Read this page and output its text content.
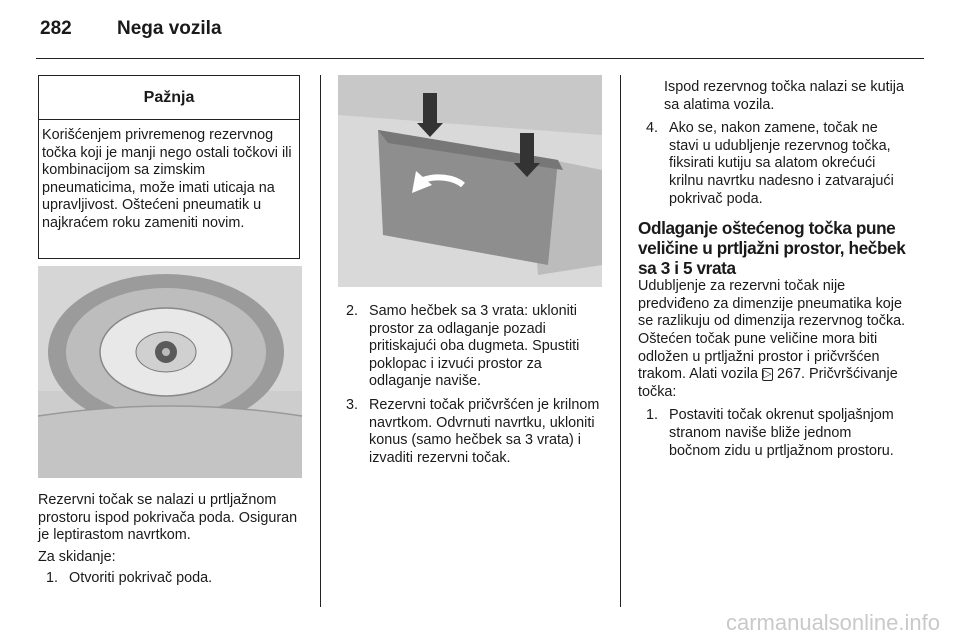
282 Nega vozila
Pažnja
Korišćenjem privremenog rezervnog točka koji je manji nego ostali točkovi ili kombinacijom sa zimskim pneumaticima, može imati uticaja na upravljivost. Oštećeni pneumatik u najkraćem roku zameniti novim.

Rezervni točak se nalazi u prtljažnom prostoru ispod pokrivača poda. Osiguran je leptirastom navrtkom.

Za skidanje:

1. Otvoriti pokrivač poda.
2. Samo hečbek sa 3 vrata: ukloniti prostor za odlaganje pozadi pritiskajući oba dugmeta. Spustiti poklopac i izvući prostor za odlaganje naviše.
3. Rezervni točak pričvršćen je krilnom navrtkom. Odvrnuti navrtku, ukloniti konus (samo hečbek sa 3 vrata) i izvaditi rezervni točak.

Ispod rezervnog točka nalazi se kutija sa alatima vozila.

4. Ako se, nakon zamene, točak ne stavi u udubljenje rezervnog točka, fiksirati kutiju sa alatom okrećući krilnu navrtku nadesno i zatvarajući pokrivač poda.
Odlaganje oštećenog točka pune veličine u prtljažni prostor, hečbek sa 3 i 5 vrata

Udubljenje za rezervni točak nije predviđeno za dimenzije pneumatika koje se razlikuju od dimenzija rezervnog točka. Oštećen točak pune veličine mora biti odložen u prtljažni prostor i pričvršćen trakom. Alati vozila ▷ 267. Pričvršćivanje točka:

1. Postaviti točak okrenut spoljašnjom stranom naviše bliže jednom bočnom zidu u prtljažnom prostoru.
carmanualsonline.info
